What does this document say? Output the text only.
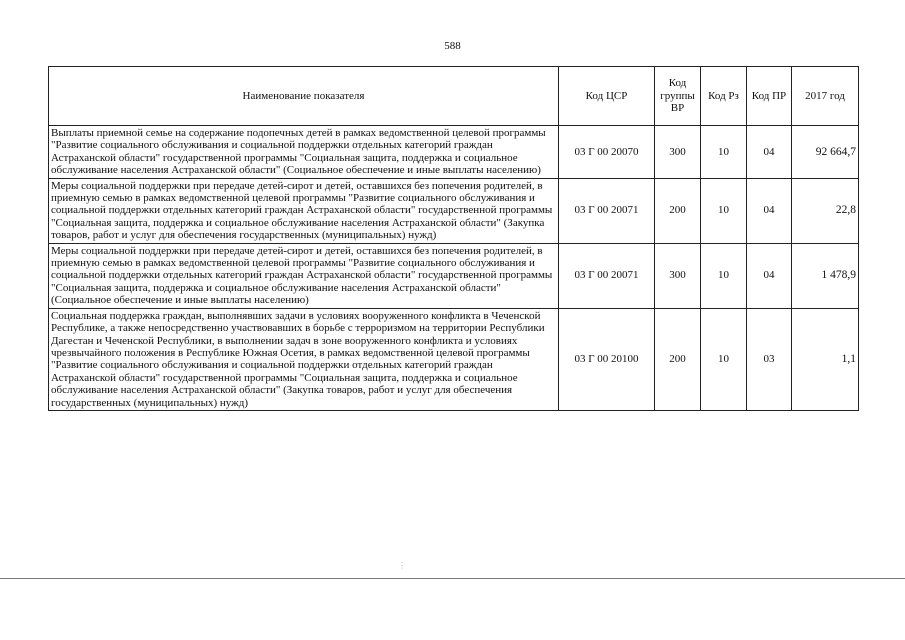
588
Наименование показателя	Код ЦСР	Код группы ВР	Код Рз	Код ПР	2017 год
Выплаты приемной семье на содержание подопечных детей в рамках ведомственной целевой программы "Развитие социального обслуживания и социальной поддержки отдельных категорий граждан Астраханской области" государственной программы "Социальная защита, поддержка и социальное обслуживание населения Астраханской области" (Социальное обеспечение и иные выплаты населению)	03 Г 00 20070	300	10	04	92 664,7
Меры социальной поддержки при передаче детей-сирот и детей, оставшихся без попечения родителей, в приемную семью в рамках ведомственной целевой программы "Развитие социального обслуживания и социальной поддержки отдельных категорий граждан Астраханской области" государственной программы "Социальная защита, поддержка и социальное обслуживание населения Астраханской области" (Закупка товаров, работ и услуг для обеспечения государственных (муниципальных) нужд)	03 Г 00 20071	200	10	04	22,8
Меры социальной поддержки при передаче детей-сирот и детей, оставшихся без попечения родителей, в приемную семью в рамках ведомственной целевой программы "Развитие социального обслуживания и социальной поддержки отдельных категорий граждан Астраханской области" государственной программы "Социальная защита, поддержка и социальное обслуживание населения Астраханской области" (Социальное обеспечение и иные выплаты населению)	03 Г 00 20071	300	10	04	1 478,9
Социальная поддержка граждан, выполнявших задачи в условиях вооруженного конфликта в Чеченской Республике, а также непосредственно участвовавших в борьбе с терроризмом на территории Республики Дагестан и Чеченской Республики, в выполнении задач в зоне вооруженного конфликта и условиях чрезвычайного положения в Республике Южная Осетия, в рамках ведомственной целевой программы "Развитие социального обслуживания и социальной поддержки отдельных категорий граждан Астраханской области" государственной программы "Социальная защита, поддержка и социальное обслуживание населения Астраханской области" (Закупка товаров, работ и услуг для обеспечения государственных (муниципальных) нужд)	03 Г 00 20100	200	10	03	1,1
⋮
